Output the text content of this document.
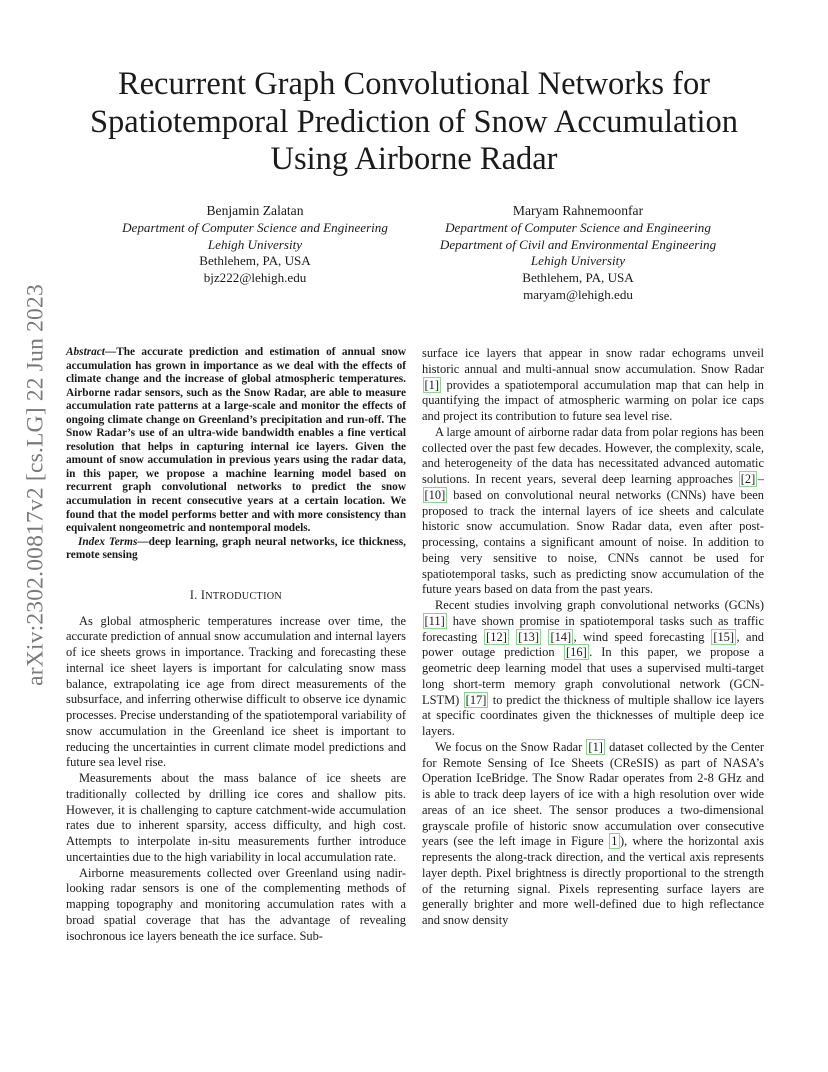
arXiv:2302.00817v2 [cs.LG] 22 Jun 2023
Recurrent Graph Convolutional Networks for
Spatiotemporal Prediction of Snow Accumulation
Using Airborne Radar
Benjamin Zalatan
Department of Computer Science and Engineering
Lehigh University
Bethlehem, PA, USA
bjz222@lehigh.edu
Maryam Rahnemoonfar
Department of Computer Science and Engineering
Department of Civil and Environmental Engineering
Lehigh University
Bethlehem, PA, USA
maryam@lehigh.edu

Abstract—The accurate prediction and estimation of annual snow accumulation has grown in importance as we deal with the effects of climate change and the increase of global atmospheric temperatures. Airborne radar sensors, such as the Snow Radar, are able to measure accumulation rate patterns at a large-scale and monitor the effects of ongoing climate change on Greenland’s precipitation and run-off. The Snow Radar’s use of an ultra-wide bandwidth enables a fine vertical resolution that helps in capturing internal ice layers. Given the amount of snow accumulation in previous years using the radar data, in this paper, we propose a machine learning model based on recurrent graph convolutional networks to predict the snow accumulation in recent consecutive years at a certain location. We found that the model performs better and with more consistency than equivalent nongeometric and nontemporal models.

Index Terms—deep learning, graph neural networks, ice thickness, remote sensing

I. INTRODUCTION

As global atmospheric temperatures increase over time, the accurate prediction of annual snow accumulation and internal layers of ice sheets grows in importance. Tracking and forecasting these internal ice sheet layers is important for calculating snow mass balance, extrapolating ice age from direct measurements of the subsurface, and inferring otherwise difficult to observe ice dynamic processes. Precise understanding of the spatiotemporal variability of snow accumulation in the Greenland ice sheet is important to reducing the uncertainties in current climate model predictions and future sea level rise.

Measurements about the mass balance of ice sheets are traditionally collected by drilling ice cores and shallow pits. However, it is challenging to capture catchment-wide accumulation rates due to inherent sparsity, access difficulty, and high cost. Attempts to interpolate in-situ measurements further introduce uncertainties due to the high variability in local accumulation rate.

Airborne measurements collected over Greenland using nadir-looking radar sensors is one of the complementing methods of mapping topography and monitoring accumulation rates with a broad spatial coverage that has the advantage of revealing isochronous ice layers beneath the ice surface. Sub-

surface ice layers that appear in snow radar echograms unveil historic annual and multi-annual snow accumulation. Snow Radar [1] provides a spatiotemporal accumulation map that can help in quantifying the impact of atmospheric warming on polar ice caps and project its contribution to future sea level rise.

A large amount of airborne radar data from polar regions has been collected over the past few decades. However, the complexity, scale, and heterogeneity of the data has necessitated advanced automatic solutions. In recent years, several deep learning approaches [2] –[10] based on convolutional neural networks (CNNs) have been proposed to track the internal layers of ice sheets and calculate historic snow accumulation. Snow Radar data, even after post-processing, contains a significant amount of noise. In addition to being very sensitive to noise, CNNs cannot be used for spatiotemporal tasks, such as predicting snow accumulation of the future years based on data from the past years.

Recent studies involving graph convolutional networks (GCNs) [11] have shown promise in spatiotemporal tasks such as traffic forecasting [12] [13] [14] , wind speed forecasting [15] , and power outage prediction [16] . In this paper, we propose a geometric deep learning model that uses a supervised multi-target long short-term memory graph convolutional network (GCN-LSTM) [17] to predict the thickness of multiple shallow ice layers at specific coordinates given the thicknesses of multiple deep ice layers.

We focus on the Snow Radar [1] dataset collected by the Center for Remote Sensing of Ice Sheets (CReSIS) as part of NASA’s Operation IceBridge. The Snow Radar operates from 2-8 GHz and is able to track deep layers of ice with a high resolution over wide areas of an ice sheet. The sensor produces a two-dimensional grayscale profile of historic snow accumulation over consecutive years (see the left image in Figure 1 ), where the horizontal axis represents the along-track direction, and the vertical axis represents layer depth. Pixel brightness is directly proportional to the strength of the returning signal. Pixels representing surface layers are generally brighter and more well-defined due to high reflectance and snow density
